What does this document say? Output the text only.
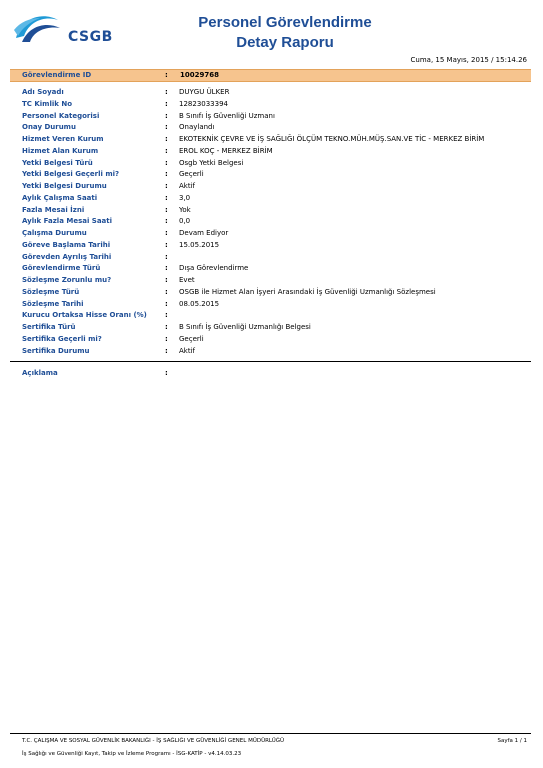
CSGB
Personel Görevlendirme
Detay Raporu
Cuma, 15 Mayıs, 2015 / 15:14.26
Görevlendirme ID	: 10029768
Adı Soyadı	: DUYGU ÜLKER
TC Kimlik No	: 12823033394
Personel Kategorisi	: B Sınıfı İş Güvenliği Uzmanı
Onay Durumu	: Onaylandı
Hizmet Veren Kurum	: EKOTEKNİK ÇEVRE VE İŞ SAĞLIĞI ÖLÇÜM TEKNO.MÜH.MÜŞ.SAN.VE TİC - MERKEZ BİRİM
Hizmet Alan Kurum	: EROL KOÇ - MERKEZ BİRİM
Yetki Belgesi Türü	: Osgb Yetki Belgesi
Yetki Belgesi Geçerli mi?	: Geçerli
Yetki Belgesi Durumu	: Aktif
Aylık Çalışma Saati	: 3,0
Fazla Mesai İzni	: Yok
Aylık Fazla Mesai Saati	: 0,0
Çalışma Durumu	: Devam Ediyor
Göreve Başlama Tarihi	: 15.05.2015
Görevden Ayrılış Tarihi	:
Görevlendirme Türü	: Dışa Görevlendirme
Sözleşme Zorunlu mu?	: Evet
Sözleşme Türü	: OSGB ile Hizmet Alan İşyeri Arasındaki İş Güvenliği Uzmanlığı Sözleşmesi
Sözleşme Tarihi	: 08.05.2015
Kurucu Ortaksa Hisse Oranı (%)	:
Sertifika Türü	: B Sınıfı İş Güvenliği Uzmanlığı Belgesi
Sertifika Geçerli mi?	: Geçerli
Sertifika Durumu	: Aktif
Açıklama	:
T.C. ÇALIŞMA VE SOSYAL GÜVENLİK BAKANLIĞI - İŞ SAĞLIĞI VE GÜVENLİĞİ GENEL MÜDÜRLÜĞÜ
İş Sağlığı ve Güvenliği Kayıt, Takip ve İzleme Programı - İSG-KATİP - v4.14.03.23
Sayfa 1 / 1
